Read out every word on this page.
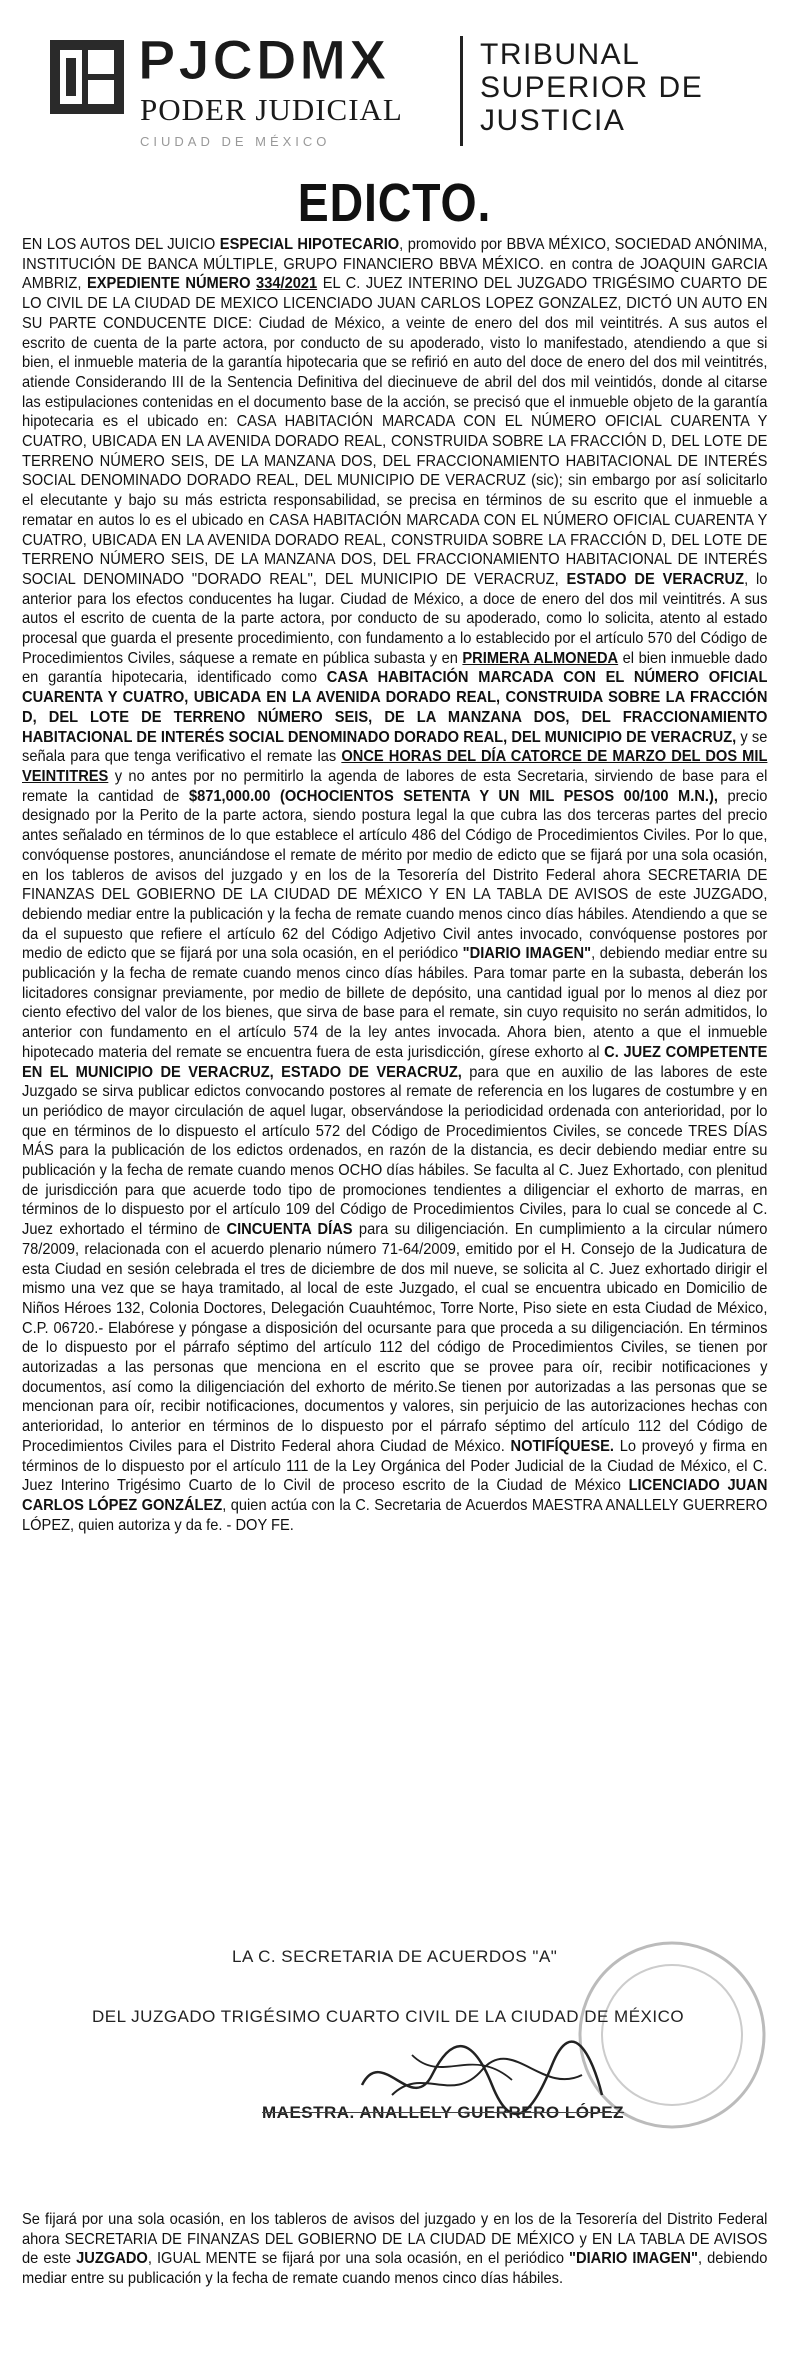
PJCDMX
PODER JUDICIAL
CIUDAD DE MÉXICO
TRIBUNAL
SUPERIOR DE
JUSTICIA
EDICTO.
EN LOS AUTOS DEL JUICIO ESPECIAL HIPOTECARIO, promovido por BBVA MÉXICO, SOCIEDAD ANÓNIMA, INSTITUCIÓN DE BANCA MÚLTIPLE, GRUPO FINANCIERO BBVA MÉXICO. en contra de JOAQUIN GARCIA AMBRIZ, EXPEDIENTE NÚMERO 334/2021 EL C. JUEZ INTERINO DEL JUZGADO TRIGÉSIMO CUARTO DE LO CIVIL DE LA CIUDAD DE MEXICO LICENCIADO JUAN CARLOS LOPEZ GONZALEZ, DICTÓ UN AUTO EN SU PARTE CONDUCENTE DICE: Ciudad de México, a veinte de enero del dos mil veintitrés. A sus autos el escrito de cuenta de la parte actora, por conducto de su apoderado, visto lo manifestado, atendiendo a que si bien, el inmueble materia de la garantía hipotecaria que se refirió en auto del doce de enero del dos mil veintitrés, atiende Considerando III de la Sentencia Definitiva del diecinueve de abril del dos mil veintidós, donde al citarse las estipulaciones contenidas en el documento base de la acción, se precisó que el inmueble objeto de la garantía hipotecaria es el ubicado en: CASA HABITACIÓN MARCADA CON EL NÚMERO OFICIAL CUARENTA Y CUATRO, UBICADA EN LA AVENIDA DORADO REAL, CONSTRUIDA SOBRE LA FRACCIÓN D, DEL LOTE DE TERRENO NÚMERO SEIS, DE LA MANZANA DOS, DEL FRACCIONAMIENTO HABITACIONAL DE INTERÉS SOCIAL DENOMINADO DORADO REAL, DEL MUNICIPIO DE VERACRUZ (sic); sin embargo por así solicitarlo el elecutante y bajo su más estricta responsabilidad, se precisa en términos de su escrito que el inmueble a rematar en autos lo es el ubicado en CASA HABITACIÓN MARCADA CON EL NÚMERO OFICIAL CUARENTA Y CUATRO, UBICADA EN LA AVENIDA DORADO REAL, CONSTRUIDA SOBRE LA FRACCIÓN D, DEL LOTE DE TERRENO NÚMERO SEIS, DE LA MANZANA DOS, DEL FRACCIONAMIENTO HABITACIONAL DE INTERÉS SOCIAL DENOMINADO "DORADO REAL", DEL MUNICIPIO DE VERACRUZ, ESTADO DE VERACRUZ, lo anterior para los efectos conducentes ha lugar. Ciudad de México, a doce de enero del dos mil veintitrés. A sus autos el escrito de cuenta de la parte actora, por conducto de su apoderado, como lo solicita, atento al estado procesal que guarda el presente procedimiento, con fundamento a lo establecido por el artículo 570 del Código de Procedimientos Civiles, sáquese a remate en pública subasta y en PRIMERA ALMONEDA el bien inmueble dado en garantía hipotecaria, identificado como CASA HABITACIÓN MARCADA CON EL NÚMERO OFICIAL CUARENTA Y CUATRO, UBICADA EN LA AVENIDA DORADO REAL, CONSTRUIDA SOBRE LA FRACCIÓN D, DEL LOTE DE TERRENO NÚMERO SEIS, DE LA MANZANA DOS, DEL FRACCIONAMIENTO HABITACIONAL DE INTERÉS SOCIAL DENOMINADO DORADO REAL, DEL MUNICIPIO DE VERACRUZ, y se señala para que tenga verificativo el remate las ONCE HORAS DEL DÍA CATORCE DE MARZO DEL DOS MIL VEINTITRES y no antes por no permitirlo la agenda de labores de esta Secretaria, sirviendo de base para el remate la cantidad de $871,000.00 (OCHOCIENTOS SETENTA Y UN MIL PESOS 00/100 M.N.), precio designado por la Perito de la parte actora, siendo postura legal la que cubra las dos terceras partes del precio antes señalado en términos de lo que establece el artículo 486 del Código de Procedimientos Civiles. Por lo que, convóquense postores, anunciándose el remate de mérito por medio de edicto que se fijará por una sola ocasión, en los tableros de avisos del juzgado y en los de la Tesorería del Distrito Federal ahora SECRETARIA DE FINANZAS DEL GOBIERNO DE LA CIUDAD DE MÉXICO Y EN LA TABLA DE AVISOS de este JUZGADO, debiendo mediar entre la publicación y la fecha de remate cuando menos cinco días hábiles. Atendiendo a que se da el supuesto que refiere el artículo 62 del Código Adjetivo Civil antes invocado, convóquense postores por medio de edicto que se fijará por una sola ocasión, en el periódico "DIARIO IMAGEN", debiendo mediar entre su publicación y la fecha de remate cuando menos cinco días hábiles. Para tomar parte en la subasta, deberán los licitadores consignar previamente, por medio de billete de depósito, una cantidad igual por lo menos al diez por ciento efectivo del valor de los bienes, que sirva de base para el remate, sin cuyo requisito no serán admitidos, lo anterior con fundamento en el artículo 574 de la ley antes invocada. Ahora bien, atento a que el inmueble hipotecado materia del remate se encuentra fuera de esta jurisdicción, gírese exhorto al C. JUEZ COMPETENTE EN EL MUNICIPIO DE VERACRUZ, ESTADO DE VERACRUZ, para que en auxilio de las labores de este Juzgado se sirva publicar edictos convocando postores al remate de referencia en los lugares de costumbre y en un periódico de mayor circulación de aquel lugar, observándose la periodicidad ordenada con anterioridad, por lo que en términos de lo dispuesto el artículo 572 del Código de Procedimientos Civiles, se concede TRES DÍAS MÁS para la publicación de los edictos ordenados, en razón de la distancia, es decir debiendo mediar entre su publicación y la fecha de remate cuando menos OCHO días hábiles. Se faculta al C. Juez Exhortado, con plenitud de jurisdicción para que acuerde todo tipo de promociones tendientes a diligenciar el exhorto de marras, en términos de lo dispuesto por el artículo 109 del Código de Procedimientos Civiles, para lo cual se concede al C. Juez exhortado el término de CINCUENTA DÍAS para su diligenciación. En cumplimiento a la circular número 78/2009, relacionada con el acuerdo plenario número 71-64/2009, emitido por el H. Consejo de la Judicatura de esta Ciudad en sesión celebrada el tres de diciembre de dos mil nueve, se solicita al C. Juez exhortado dirigir el mismo una vez que se haya tramitado, al local de este Juzgado, el cual se encuentra ubicado en Domicilio de Niños Héroes 132, Colonia Doctores, Delegación Cuauhtémoc, Torre Norte, Piso siete en esta Ciudad de México, C.P. 06720.- Elabórese y póngase a disposición del ocursante para que proceda a su diligenciación. En términos de lo dispuesto por el párrafo séptimo del artículo 112 del código de Procedimientos Civiles, se tienen por autorizadas a las personas que menciona en el escrito que se provee para oír, recibir notificaciones y documentos, así como la diligenciación del exhorto de mérito.Se tienen por autorizadas a las personas que se mencionan para oír, recibir notificaciones, documentos y valores, sin perjuicio de las autorizaciones hechas con anterioridad, lo anterior en términos de lo dispuesto por el párrafo séptimo del artículo 112 del Código de Procedimientos Civiles para el Distrito Federal ahora Ciudad de México. NOTIFÍQUESE. Lo proveyó y firma en términos de lo dispuesto por el artículo 111 de la Ley Orgánica del Poder Judicial de la Ciudad de México, el C. Juez Interino Trigésimo Cuarto de lo Civil de proceso escrito de la Ciudad de México LICENCIADO JUAN CARLOS LÓPEZ GONZÁLEZ, quien actúa con la C. Secretaria de Acuerdos MAESTRA ANALLELY GUERRERO LÓPEZ, quien autoriza y da fe. - DOY FE.
LA C. SECRETARIA DE ACUERDOS "A"
DEL JUZGADO TRIGÉSIMO CUARTO CIVIL DE LA CIUDAD DE MÉXICO
MAESTRA. ANALLELY GUERRERO LÓPEZ
Se fijará por una sola ocasión, en los tableros de avisos del juzgado y en los de la Tesorería del Distrito Federal ahora SECRETARIA DE FINANZAS DEL GOBIERNO DE LA CIUDAD DE MÉXICO y EN LA TABLA DE AVISOS de este JUZGADO, IGUAL MENTE se fijará por una sola ocasión, en el periódico "DIARIO IMAGEN", debiendo mediar entre su publicación y la fecha de remate cuando menos cinco días hábiles.
